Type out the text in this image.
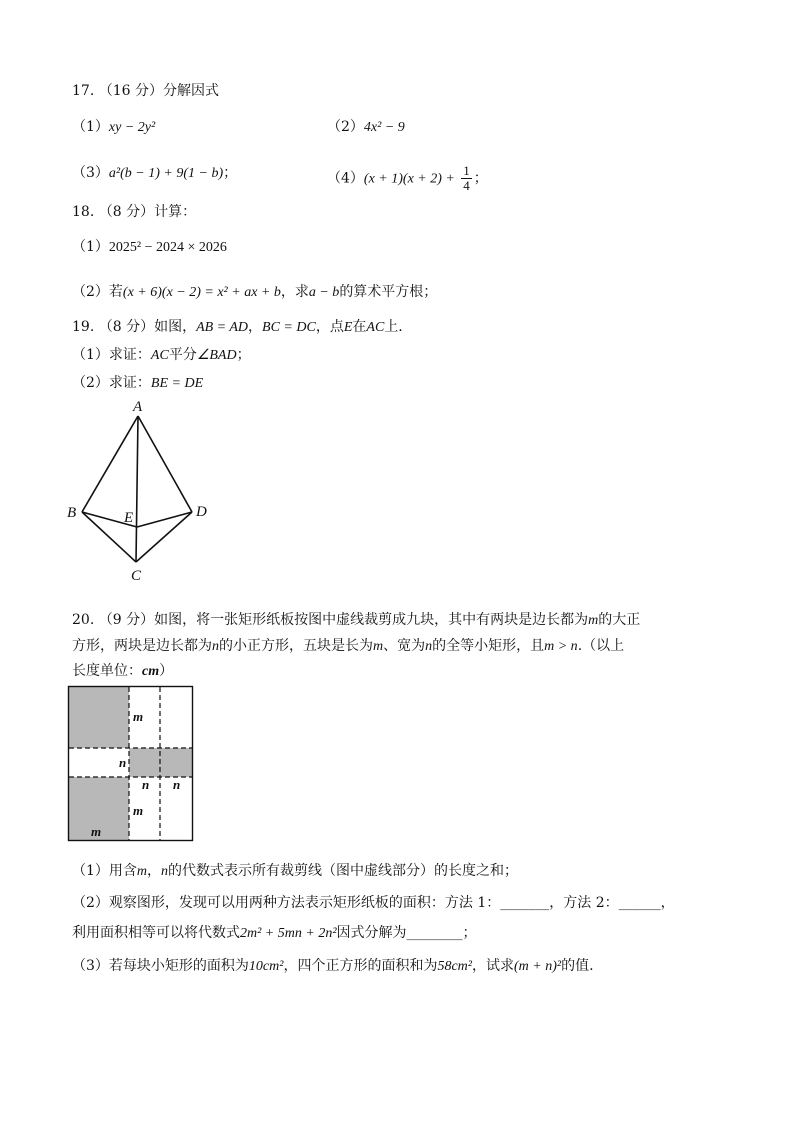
17. （16 分）分解因式
（1）xy − 2y²	（2）4x² − 9
（3）a²(b − 1) + 9(1 − b)；	$(4)(x + 1)(x + 2) + \frac{1}{4}$ ；
18. （8 分）计算：
（1）2025² − 2024 × 2026
（2）若(x + 6)(x − 2) = x² + ax + b，求a − b的算术平方根；
19. （8 分）如图，AB = AD，BC = DC，点E在AC上.
（1）求证：AC平分∠BAD；
（2）求证：BE = DE
A
B	D
E
C
20. （9 分）如图，将一张矩形纸板按图中虚线裁剪成九块，其中有两块是边长都为m的大正
方形，两块是边长都为n的小正方形，五块是长为m、宽为n的全等小矩形，且m > n.（以上
长度单位：cm）
m
n
n n
m
m
（1）用含m，n的代数式表示所有裁剪线（图中虚线部分）的长度之和；
（2）观察图形，发现可以用两种方法表示矩形纸板的面积：方法 1：_______，方法 2：______，
利用面积相等可以将代数式2m² + 5mn + 2n²因式分解为________；
（3）若每块小矩形的面积为10cm²，四个正方形的面积和为58cm²，试求(m + n)²的值.
